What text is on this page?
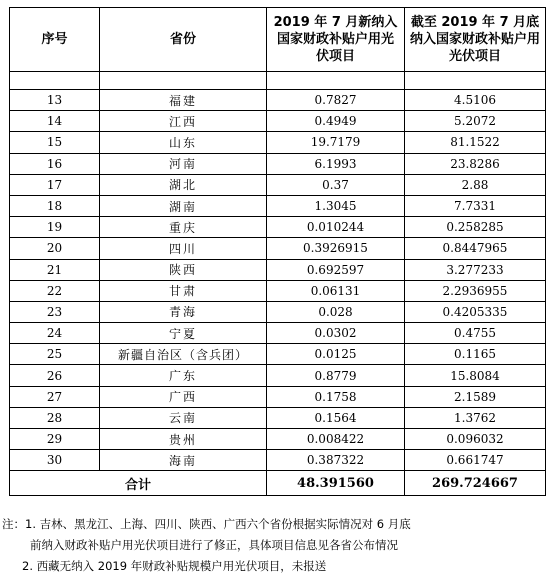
序号	省份	2019 年 7 月新纳入国家财政补贴户用光伏项目	截至 2019 年 7 月底纳入国家财政补贴户用光伏项目

13	福建	0.7827	4.5106
14	江西	0.4949	5.2072
15	山东	19.7179	81.1522
16	河南	6.1993	23.8286
17	湖北	0.37	2.88
18	湖南	1.3045	7.7331
19	重庆	0.010244	0.258285
20	四川	0.3926915	0.8447965
21	陕西	0.692597	3.277233
22	甘肃	0.06131	2.2936955
23	青海	0.028	0.4205335
24	宁夏	0.0302	0.4755
25	新疆自治区（含兵团）	0.0125	0.1165
26	广东	0.8779	15.8084
27	广西	0.1758	2.1589
28	云南	0.1564	1.3762
29	贵州	0.008422	0.096032
30	海南	0.387322	0.661747
合计		48.391560	269.724667
注：1. 吉林、黑龙江、上海、四川、陕西、广西六个省份根据实际情况对 6 月底
前纳入财政补贴户用光伏项目进行了修正，具体项目信息见各省公布情况
2. 西藏无纳入 2019 年财政补贴规模户用光伏项目，未报送
